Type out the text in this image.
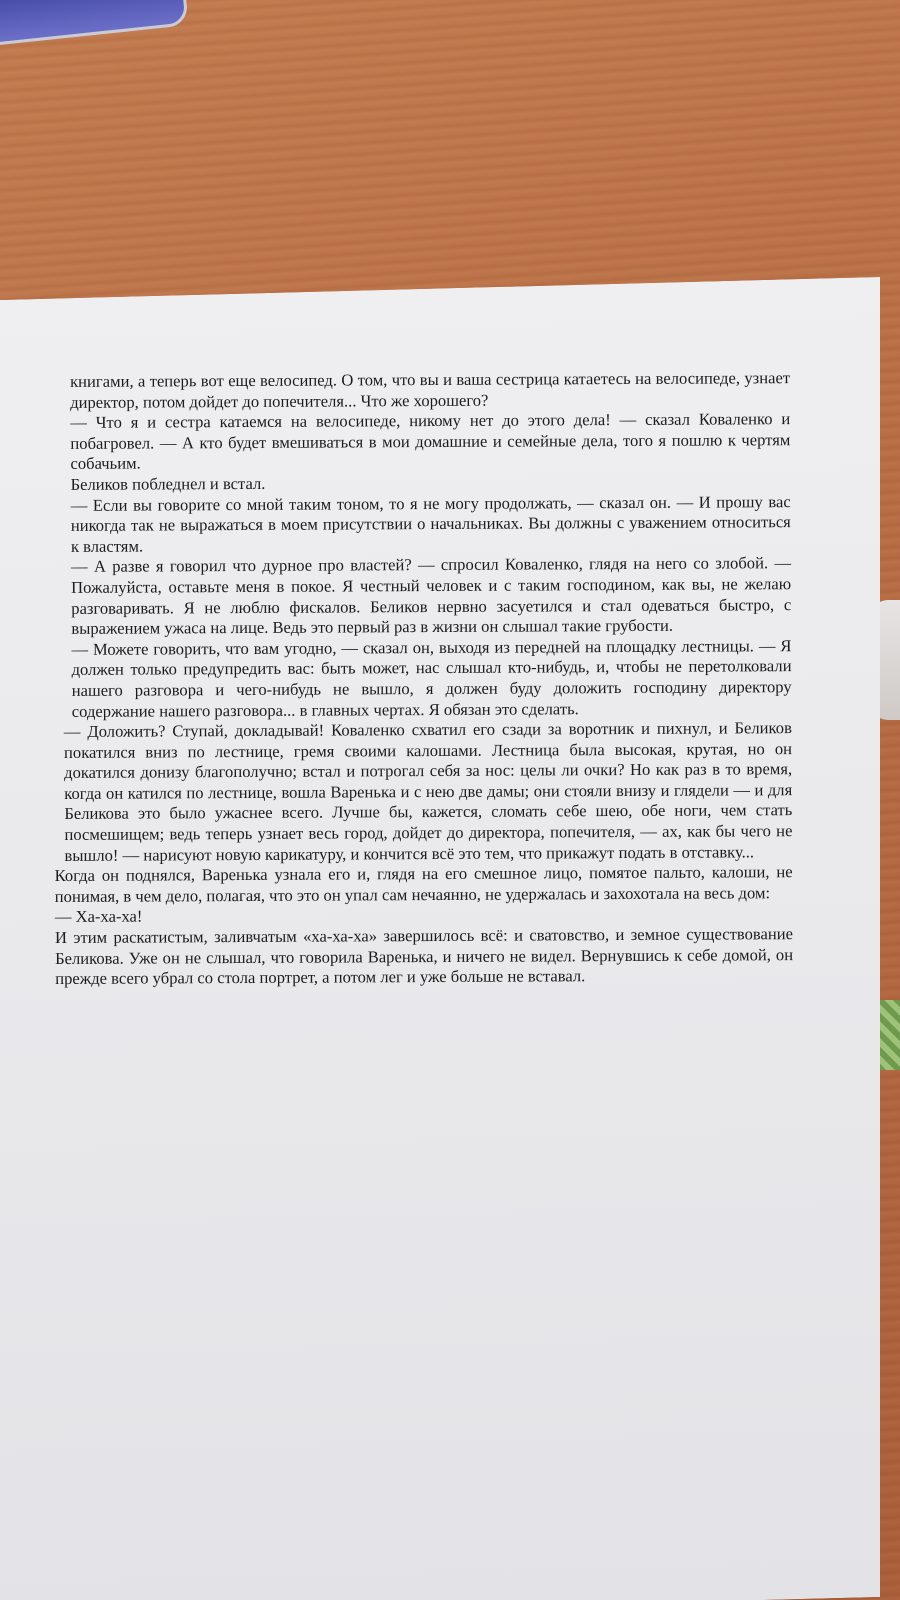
книгами, а теперь вот еще велосипед. О том, что вы и ваша сестрица катаетесь на велосипеде, узнает директор, потом дойдет до попечителя... Что же хорошего?

— Что я и сестра катаемся на велосипеде, никому нет до этого дела! — сказал Коваленко и побагровел. — А кто будет вмешиваться в мои домашние и семейные дела, того я пошлю к чертям собачьим.

Беликов побледнел и встал.

— Если вы говорите со мной таким тоном, то я не могу продолжать, — сказал он. — И прошу вас никогда так не выражаться в моем присутствии о начальниках. Вы должны с уважением относиться к властям.

— А разве я говорил что дурное про властей? — спросил Коваленко, глядя на него со злобой. — Пожалуйста, оставьте меня в покое. Я честный человек и с таким господином, как вы, не желаю разговаривать. Я не люблю фискалов. Беликов нервно засуетился и стал одеваться быстро, с выражением ужаса на лице. Ведь это первый раз в жизни он слышал такие грубости.

— Можете говорить, что вам угодно, — сказал он, выходя из передней на площадку лестницы. — Я должен только предупредить вас: быть может, нас слышал кто-нибудь, и, чтобы не перетолковали нашего разговора и чего-нибудь не вышло, я должен буду доложить господину директору содержание нашего разговора... в главных чертах. Я обязан это сделать.

— Доложить? Ступай, докладывай! Коваленко схватил его сзади за воротник и пихнул, и Беликов покатился вниз по лестнице, гремя своими калошами. Лестница была высокая, крутая, но он докатился донизу благополучно; встал и потрогал себя за нос: целы ли очки? Но как раз в то время, когда он катился по лестнице, вошла Варенька и с нею две дамы; они стояли внизу и глядели — и для Беликова это было ужаснее всего. Лучше бы, кажется, сломать себе шею, обе ноги, чем стать посмешищем; ведь теперь узнает весь город, дойдет до директора, попечителя, — ах, как бы чего не вышло! — нарисуют новую карикатуру, и кончится всё это тем, что прикажут подать в отставку...

Когда он поднялся, Варенька узнала его и, глядя на его смешное лицо, помятое пальто, калоши, не понимая, в чем дело, полагая, что это он упал сам нечаянно, не удержалась и захохотала на весь дом:

— Ха-ха-ха!

И этим раскатистым, заливчатым «ха-ха-ха» завершилось всё: и сватовство, и земное существование Беликова. Уже он не слышал, что говорила Варенька, и ничего не видел. Вернувшись к себе домой, он прежде всего убрал со стола портрет, а потом лег и уже больше не вставал.
